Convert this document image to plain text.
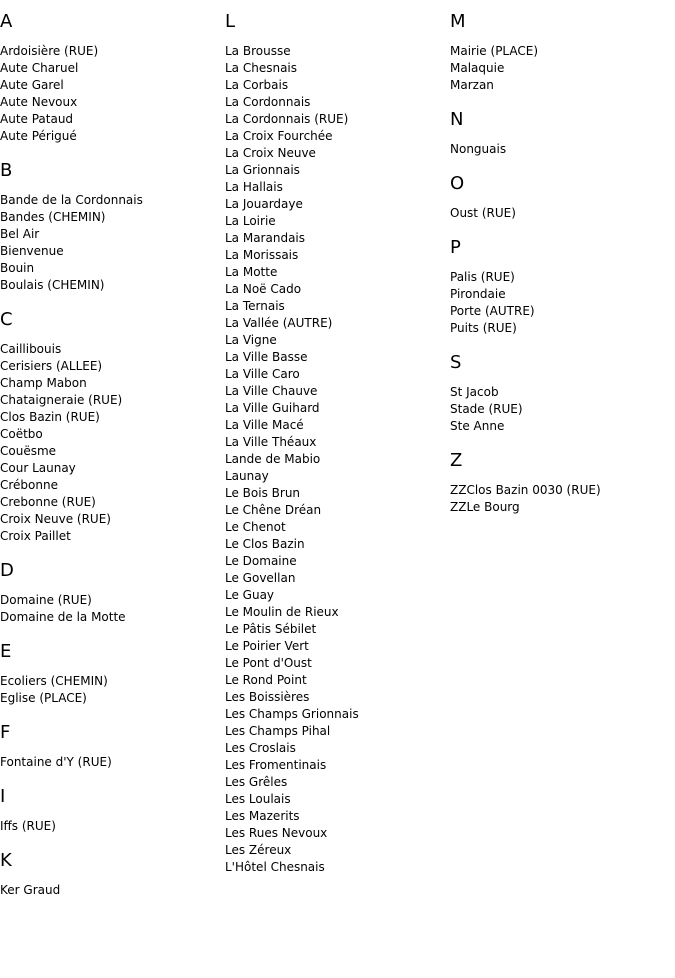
A
Ardoisière (RUE)
Aute Charuel
Aute Garel
Aute Nevoux
Aute Pataud
Aute Périgué
B
Bande de la Cordonnais
Bandes (CHEMIN)
Bel Air
Bienvenue
Bouin
Boulais (CHEMIN)
C
Caillibouis
Cerisiers (ALLEE)
Champ Mabon
Chataigneraie (RUE)
Clos Bazin (RUE)
Coëtbo
Couësme
Cour Launay
Crébonne
Crebonne (RUE)
Croix Neuve (RUE)
Croix Paillet
D
Domaine (RUE)
Domaine de la Motte
E
Ecoliers (CHEMIN)
Eglise (PLACE)
F
Fontaine d'Y (RUE)
I
Iffs (RUE)
K
Ker Graud
L
La Brousse
La Chesnais
La Corbais
La Cordonnais
La Cordonnais (RUE)
La Croix Fourchée
La Croix Neuve
La Grionnais
La Hallais
La Jouardaye
La Loirie
La Marandais
La Morissais
La Motte
La Noë Cado
La Ternais
La Vallée (AUTRE)
La Vigne
La Ville Basse
La Ville Caro
La Ville Chauve
La Ville Guihard
La Ville Macé
La Ville Théaux
Lande de Mabio
Launay
Le Bois Brun
Le Chêne Dréan
Le Chenot
Le Clos Bazin
Le Domaine
Le Govellan
Le Guay
Le Moulin de Rieux
Le Pâtis Sébilet
Le Poirier Vert
Le Pont d'Oust
Le Rond Point
Les Boissières
Les Champs Grionnais
Les Champs Pihal
Les Croslais
Les Fromentinais
Les Grêles
Les Loulais
Les Mazerits
Les Rues Nevoux
Les Zéreux
L'Hôtel Chesnais
M
Mairie (PLACE)
Malaquie
Marzan
N
Nonguais
O
Oust (RUE)
P
Palis (RUE)
Pirondaie
Porte (AUTRE)
Puits (RUE)
S
St Jacob
Stade (RUE)
Ste Anne
Z
ZZClos Bazin 0030 (RUE)
ZZLe Bourg
